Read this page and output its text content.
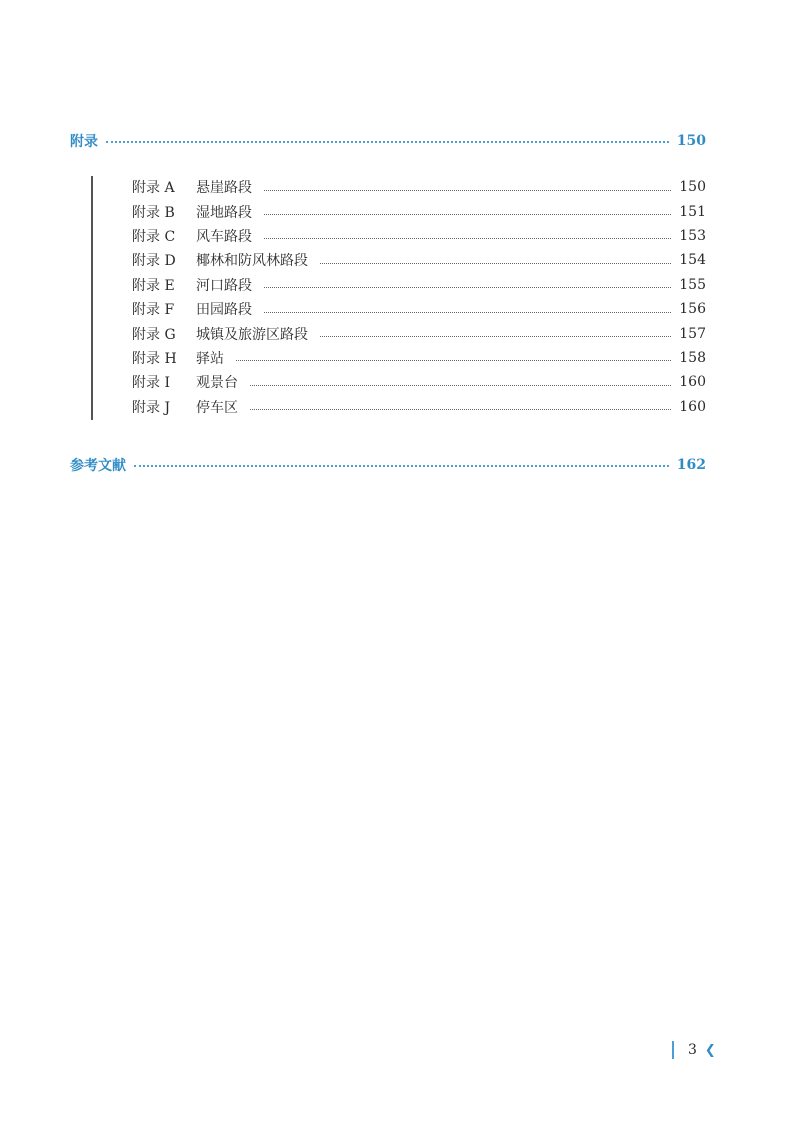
附录	150
附录 A	悬崖路段	150
附录 B	湿地路段	151
附录 C	风车路段	153
附录 D	椰林和防风林路段	154
附录 E	河口路段	155
附录 F	田园路段	156
附录 G	城镇及旅游区路段	157
附录 H	驿站	158
附录 I	观景台	160
附录 J	停车区	160
参考文献	162
3 ❮
